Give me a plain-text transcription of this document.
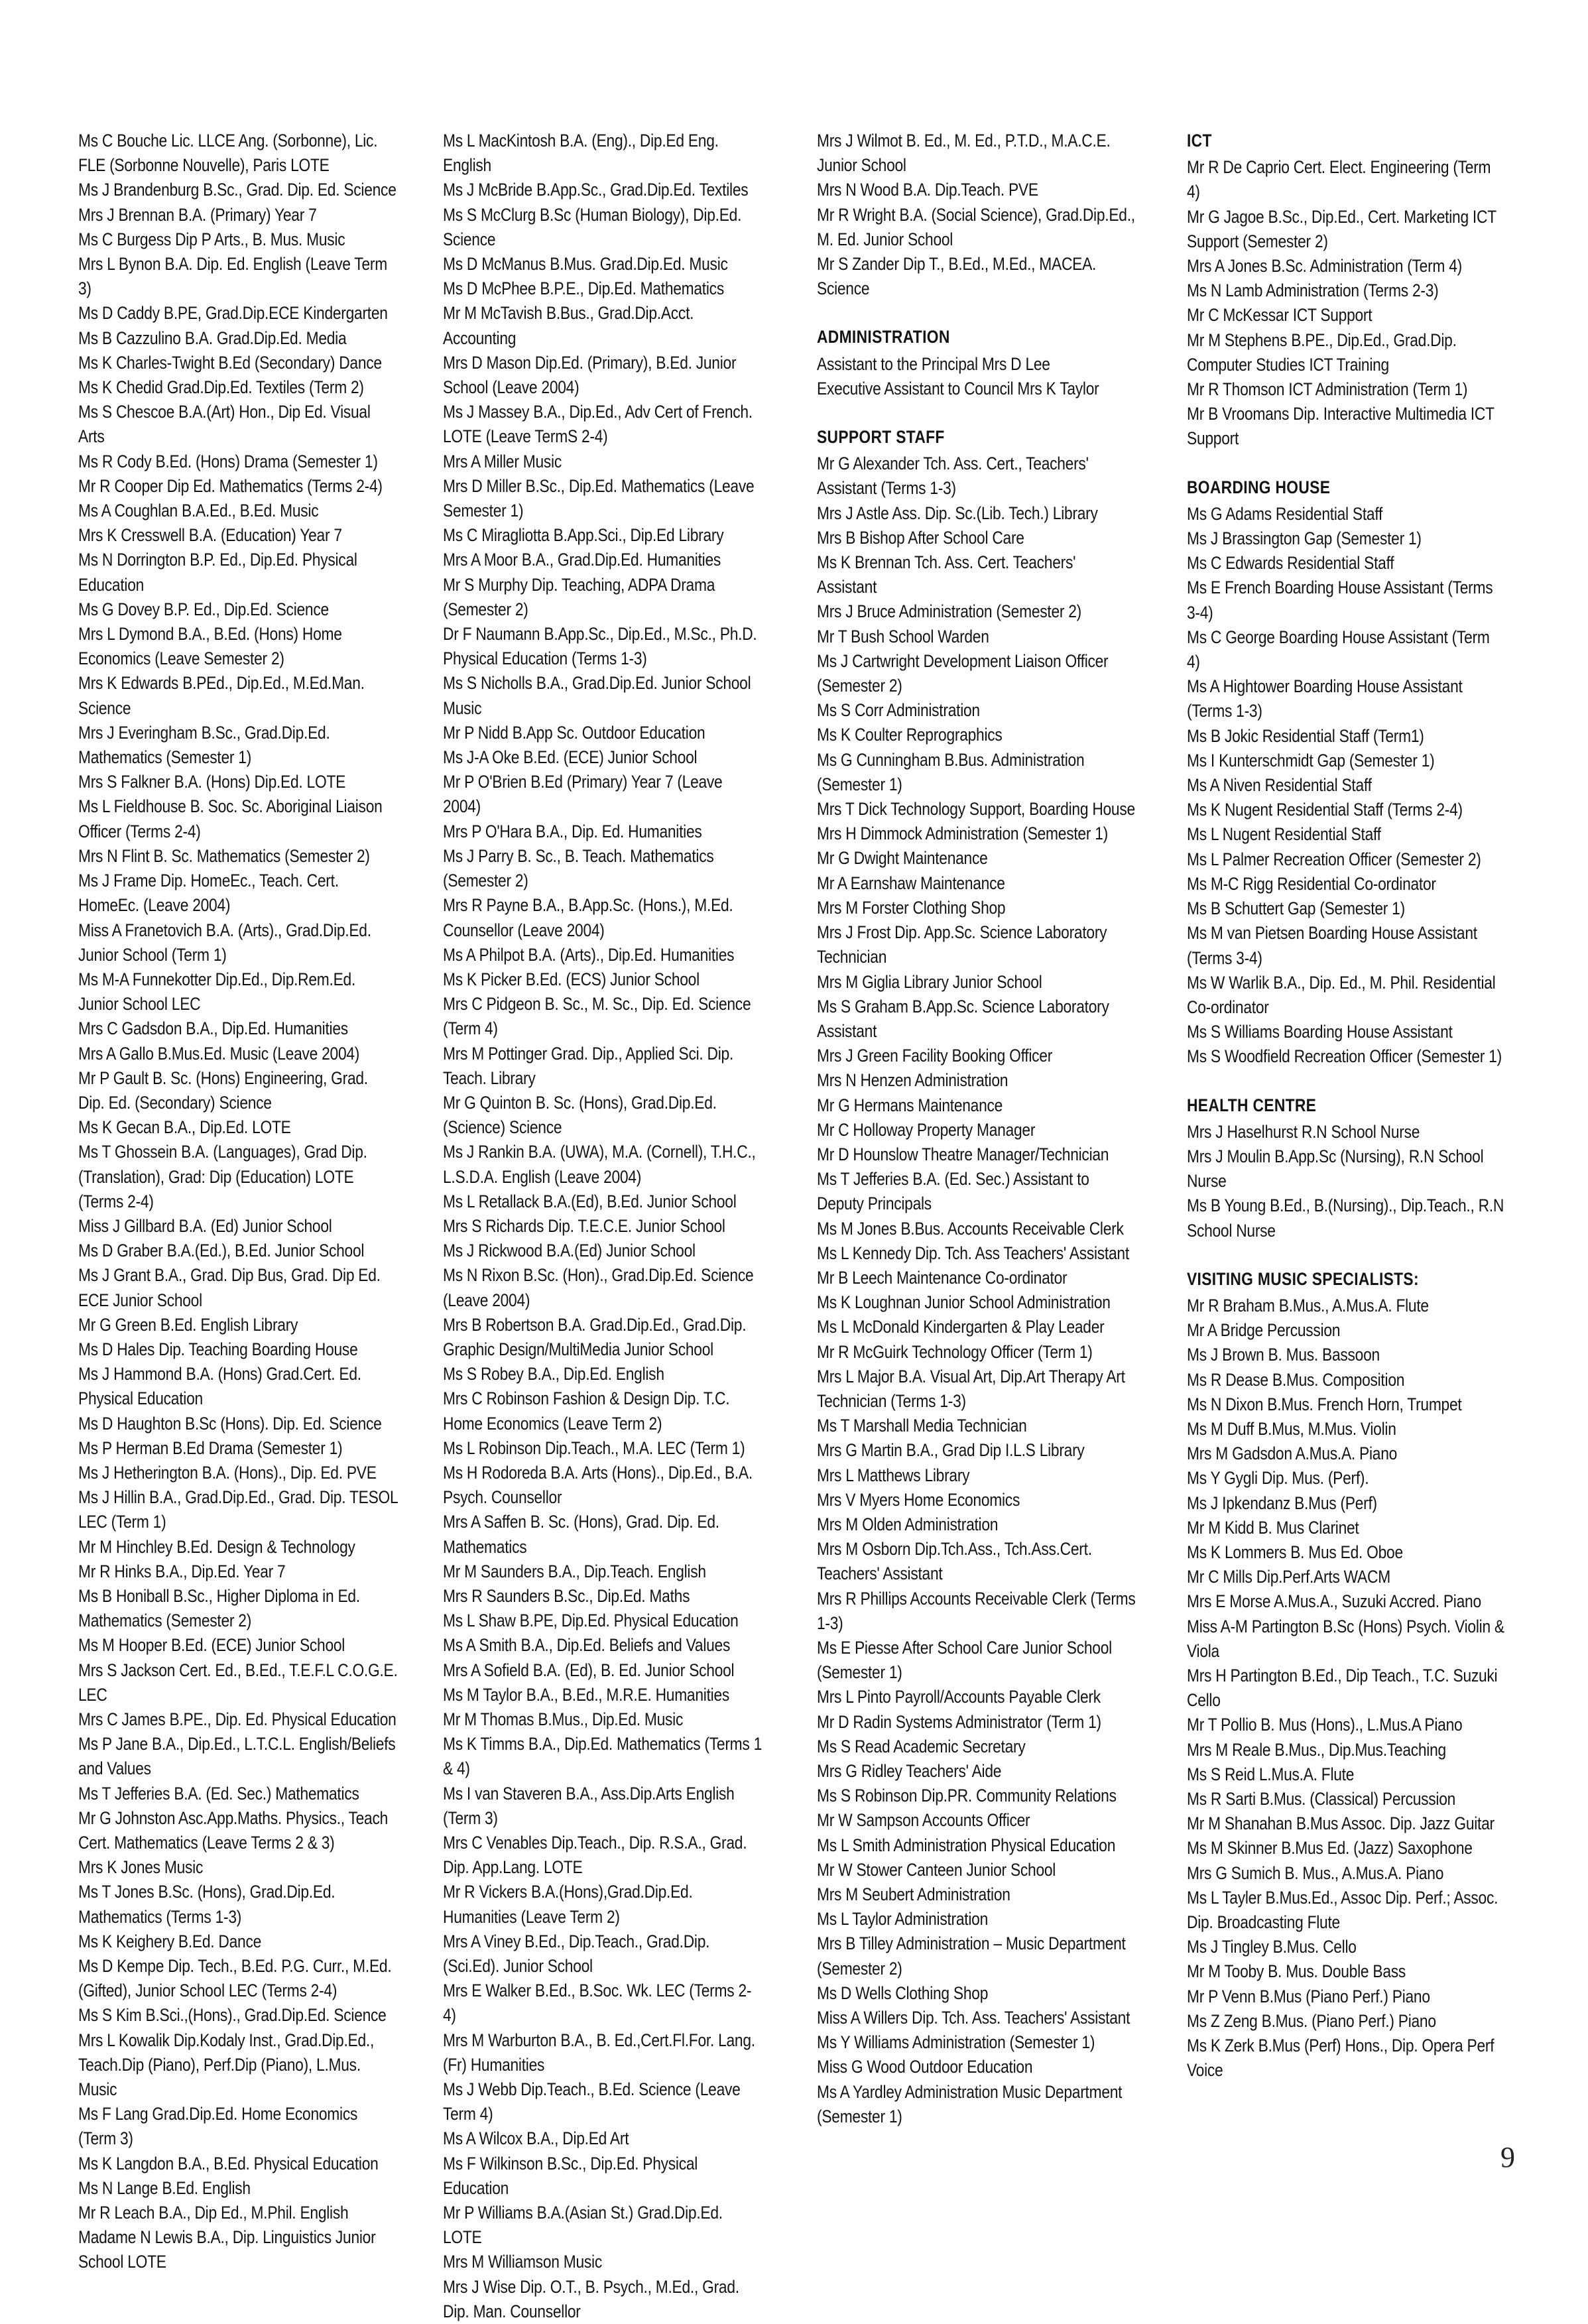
Ms C Bouche Lic. LLCE Ang. (Sorbonne), Lic. FLE (Sorbonne Nouvelle), Paris LOTE

Ms J Brandenburg B.Sc., Grad. Dip. Ed. Science

Mrs J Brennan B.A. (Primary) Year 7

Ms C Burgess Dip P Arts., B. Mus. Music

Mrs L Bynon B.A. Dip. Ed. English (Leave Term 3)

Ms D Caddy B.PE, Grad.Dip.ECE Kindergarten

Ms B Cazzulino B.A. Grad.Dip.Ed. Media

Ms K Charles-Twight B.Ed (Secondary) Dance

Ms K Chedid Grad.Dip.Ed. Textiles (Term 2)

Ms S Chescoe B.A.(Art) Hon., Dip Ed. Visual Arts

Ms R Cody B.Ed. (Hons) Drama (Semester 1)

Mr R Cooper Dip Ed. Mathematics (Terms 2-4)

Ms A Coughlan B.A.Ed., B.Ed. Music

Mrs K Cresswell B.A. (Education) Year 7

Ms N Dorrington B.P. Ed., Dip.Ed. Physical Education

Ms G Dovey B.P. Ed., Dip.Ed. Science

Mrs L Dymond B.A., B.Ed. (Hons) Home Economics (Leave Semester 2)

Mrs K Edwards B.PEd., Dip.Ed., M.Ed.Man. Science

Mrs J Everingham B.Sc., Grad.Dip.Ed. Mathematics (Semester 1)

Mrs S Falkner B.A. (Hons) Dip.Ed. LOTE

Ms L Fieldhouse B. Soc. Sc. Aboriginal Liaison Officer (Terms 2-4)

Mrs N Flint B. Sc. Mathematics (Semester 2)

Ms J Frame Dip. HomeEc., Teach. Cert. HomeEc. (Leave 2004)

Miss A Franetovich B.A. (Arts)., Grad.Dip.Ed. Junior School (Term 1)

Ms M-A Funnekotter Dip.Ed., Dip.Rem.Ed. Junior School LEC

Mrs C Gadsdon B.A., Dip.Ed. Humanities

Mrs A Gallo B.Mus.Ed. Music (Leave 2004)

Mr P Gault B. Sc. (Hons) Engineering, Grad. Dip. Ed. (Secondary) Science

Ms K Gecan B.A., Dip.Ed. LOTE

Ms T Ghossein B.A. (Languages), Grad Dip. (Translation), Grad: Dip (Education) LOTE (Terms 2-4)

Miss J Gillbard B.A. (Ed) Junior School

Ms D Graber B.A.(Ed.), B.Ed. Junior School

Ms J Grant B.A., Grad. Dip Bus, Grad. Dip Ed. ECE Junior School

Mr G Green B.Ed. English Library

Ms D Hales Dip. Teaching Boarding House

Ms J Hammond B.A. (Hons) Grad.Cert. Ed. Physical Education

Ms D Haughton B.Sc (Hons). Dip. Ed. Science

Ms P Herman B.Ed Drama (Semester 1)

Ms J Hetherington B.A. (Hons)., Dip. Ed. PVE

Ms J Hillin B.A., Grad.Dip.Ed., Grad. Dip. TESOL LEC (Term 1)

Mr M Hinchley B.Ed. Design & Technology

Mr R Hinks B.A., Dip.Ed. Year 7

Ms B Honiball B.Sc., Higher Diploma in Ed. Mathematics (Semester 2)

Ms M Hooper B.Ed. (ECE) Junior School

Mrs S Jackson Cert. Ed., B.Ed., T.E.F.L C.O.G.E. LEC

Mrs C James B.PE., Dip. Ed. Physical Education

Ms P Jane B.A., Dip.Ed., L.T.C.L. English/Beliefs and Values

Ms T Jefferies B.A. (Ed. Sec.) Mathematics

Mr G Johnston Asc.App.Maths. Physics., Teach Cert. Mathematics (Leave Terms 2 & 3)

Mrs K Jones Music

Ms T Jones B.Sc. (Hons), Grad.Dip.Ed. Mathematics (Terms 1-3)

Ms K Keighery B.Ed. Dance

Ms D Kempe Dip. Tech., B.Ed. P.G. Curr., M.Ed. (Gifted), Junior School LEC (Terms 2-4)

Ms S Kim B.Sci.,(Hons)., Grad.Dip.Ed. Science

Mrs L Kowalik Dip.Kodaly Inst., Grad.Dip.Ed., Teach.Dip (Piano), Perf.Dip (Piano), L.Mus. Music

Ms F Lang Grad.Dip.Ed. Home Economics (Term 3)

Ms K Langdon B.A., B.Ed. Physical Education

Ms N Lange B.Ed. English

Mr R Leach B.A., Dip Ed., M.Phil. English

Madame N Lewis B.A., Dip. Linguistics Junior School LOTE

Ms L MacKintosh B.A. (Eng)., Dip.Ed Eng. English

Ms J McBride B.App.Sc., Grad.Dip.Ed. Textiles

Ms S McClurg B.Sc (Human Biology), Dip.Ed. Science

Ms D McManus B.Mus. Grad.Dip.Ed. Music

Ms D McPhee B.P.E., Dip.Ed. Mathematics

Mr M McTavish B.Bus., Grad.Dip.Acct. Accounting

Mrs D Mason Dip.Ed. (Primary), B.Ed. Junior School (Leave 2004)

Ms J Massey B.A., Dip.Ed., Adv Cert of French. LOTE (Leave TermS 2-4)

Mrs A Miller Music

Mrs D Miller B.Sc., Dip.Ed. Mathematics (Leave Semester 1)

Ms C Miragliotta B.App.Sci., Dip.Ed Library

Mrs A Moor B.A., Grad.Dip.Ed. Humanities

Mr S Murphy Dip. Teaching, ADPA Drama (Semester 2)

Dr F Naumann B.App.Sc., Dip.Ed., M.Sc., Ph.D. Physical Education (Terms 1-3)

Ms S Nicholls B.A., Grad.Dip.Ed. Junior School Music

Mr P Nidd B.App Sc. Outdoor Education

Ms J-A Oke B.Ed. (ECE) Junior School

Mr P O'Brien B.Ed (Primary) Year 7 (Leave 2004)

Mrs P O'Hara B.A., Dip. Ed. Humanities

Ms J Parry B. Sc., B. Teach. Mathematics (Semester 2)

Mrs R Payne B.A., B.App.Sc. (Hons.), M.Ed. Counsellor (Leave 2004)

Ms A Philpot B.A. (Arts)., Dip.Ed. Humanities

Ms K Picker B.Ed. (ECS) Junior School

Mrs C Pidgeon B. Sc., M. Sc., Dip. Ed. Science (Term 4)

Mrs M Pottinger Grad. Dip., Applied Sci. Dip. Teach. Library

Mr G Quinton B. Sc. (Hons), Grad.Dip.Ed. (Science) Science

Ms J Rankin B.A. (UWA), M.A. (Cornell), T.H.C., L.S.D.A. English (Leave 2004)

Ms L Retallack B.A.(Ed), B.Ed. Junior School

Mrs S Richards Dip. T.E.C.E. Junior School

Ms J Rickwood B.A.(Ed) Junior School

Ms N Rixon B.Sc. (Hon)., Grad.Dip.Ed. Science (Leave 2004)

Mrs B Robertson B.A. Grad.Dip.Ed., Grad.Dip. Graphic Design/MultiMedia Junior School

Ms S Robey B.A., Dip.Ed. English

Mrs C Robinson Fashion & Design Dip. T.C. Home Economics (Leave Term 2)

Ms L Robinson Dip.Teach., M.A. LEC (Term 1)

Ms H Rodoreda B.A. Arts (Hons)., Dip.Ed., B.A. Psych. Counsellor

Mrs A Saffen B. Sc. (Hons), Grad. Dip. Ed. Mathematics

Mr M Saunders B.A., Dip.Teach. English

Mrs R Saunders B.Sc., Dip.Ed. Maths

Ms L Shaw B.PE, Dip.Ed. Physical Education

Ms A Smith B.A., Dip.Ed. Beliefs and Values

Mrs A Sofield B.A. (Ed), B. Ed. Junior School

Ms M Taylor B.A., B.Ed., M.R.E. Humanities

Mr M Thomas B.Mus., Dip.Ed. Music

Ms K Timms B.A., Dip.Ed. Mathematics (Terms 1 & 4)

Ms I van Staveren B.A., Ass.Dip.Arts English (Term 3)

Mrs C Venables Dip.Teach., Dip. R.S.A., Grad. Dip. App.Lang. LOTE

Mr R Vickers B.A.(Hons),Grad.Dip.Ed. Humanities (Leave Term 2)

Mrs A Viney B.Ed., Dip.Teach., Grad.Dip. (Sci.Ed). Junior School

Mrs E Walker B.Ed., B.Soc. Wk. LEC (Terms 2-4)

Mrs M Warburton B.A., B. Ed.,Cert.Fl.For. Lang.(Fr) Humanities

Ms J Webb Dip.Teach., B.Ed. Science (Leave Term 4)

Ms A Wilcox B.A., Dip.Ed Art

Ms F Wilkinson B.Sc., Dip.Ed. Physical Education

Mr P Williams B.A.(Asian St.) Grad.Dip.Ed. LOTE

Mrs M Williamson Music

Mrs J Wise Dip. O.T., B. Psych., M.Ed., Grad. Dip. Man. Counsellor

Mrs J Wilmot B. Ed., M. Ed., P.T.D., M.A.C.E. Junior School

Mrs N Wood B.A. Dip.Teach. PVE

Mr R Wright B.A. (Social Science), Grad.Dip.Ed., M. Ed. Junior School

Mr S Zander Dip T., B.Ed., M.Ed., MACEA. Science

ADMINISTRATION

Assistant to the Principal Mrs D Lee

Executive Assistant to Council Mrs K Taylor

SUPPORT STAFF

Mr G Alexander Tch. Ass. Cert., Teachers' Assistant (Terms 1-3)

Mrs J Astle Ass. Dip. Sc.(Lib. Tech.) Library

Mrs B Bishop After School Care

Ms K Brennan Tch. Ass. Cert. Teachers' Assistant

Mrs J Bruce Administration (Semester 2)

Mr T Bush School Warden

Ms J Cartwright Development Liaison Officer (Semester 2)

Ms S Corr Administration

Ms K Coulter Reprographics

Ms G Cunningham B.Bus. Administration (Semester 1)

Mrs T Dick Technology Support, Boarding House

Mrs H Dimmock Administration (Semester 1)

Mr G Dwight Maintenance

Mr A Earnshaw Maintenance

Mrs M Forster Clothing Shop

Mrs J Frost Dip. App.Sc. Science Laboratory Technician

Mrs M Giglia Library Junior School

Ms S Graham B.App.Sc. Science Laboratory Assistant

Mrs J Green Facility Booking Officer

Mrs N Henzen Administration

Mr G Hermans Maintenance

Mr C Holloway Property Manager

Mr D Hounslow Theatre Manager/Technician

Ms T Jefferies B.A. (Ed. Sec.) Assistant to Deputy Principals

Ms M Jones B.Bus. Accounts Receivable Clerk

Ms L Kennedy Dip. Tch. Ass Teachers' Assistant

Mr B Leech Maintenance Co-ordinator

Ms K Loughnan Junior School Administration

Ms L McDonald Kindergarten & Play Leader

Mr R McGuirk Technology Officer (Term 1)

Mrs L Major B.A. Visual Art, Dip.Art Therapy Art Technician (Terms 1-3)

Ms T Marshall Media Technician

Mrs G Martin B.A., Grad Dip I.L.S Library

Mrs L Matthews Library

Mrs V Myers Home Economics

Mrs M Olden Administration

Mrs M Osborn Dip.Tch.Ass., Tch.Ass.Cert. Teachers' Assistant

Mrs R Phillips Accounts Receivable Clerk (Terms 1-3)

Ms E Piesse After School Care Junior School (Semester 1)

Mrs L Pinto Payroll/Accounts Payable Clerk

Mr D Radin Systems Administrator (Term 1)

Ms S Read Academic Secretary

Mrs G Ridley Teachers' Aide

Ms S Robinson Dip.PR. Community Relations

Mr W Sampson Accounts Officer

Ms L Smith Administration Physical Education

Mr W Stower Canteen Junior School

Mrs M Seubert Administration

Ms L Taylor Administration

Mrs B Tilley Administration – Music Department (Semester 2)

Ms D Wells Clothing Shop

Miss A Willers Dip. Tch. Ass. Teachers' Assistant

Ms Y Williams Administration (Semester 1)

Miss G Wood Outdoor Education

Ms A Yardley Administration Music Department (Semester 1)

ICT

Mr R De Caprio Cert. Elect. Engineering (Term 4)

Mr G Jagoe B.Sc., Dip.Ed., Cert. Marketing ICT Support (Semester 2)

Mrs A Jones B.Sc. Administration (Term 4)

Ms N Lamb Administration (Terms 2-3)

Mr C McKessar ICT Support

Mr M Stephens B.PE., Dip.Ed., Grad.Dip. Computer Studies ICT Training

Mr R Thomson ICT Administration (Term 1)

Mr B Vroomans Dip. Interactive Multimedia ICT Support

BOARDING HOUSE

Ms G Adams Residential Staff

Ms J Brassington Gap (Semester 1)

Ms C Edwards Residential Staff

Ms E French Boarding House Assistant (Terms 3-4)

Ms C George Boarding House Assistant (Term 4)

Ms A Hightower Boarding House Assistant (Terms 1-3)

Ms B Jokic Residential Staff (Term1)

Ms I Kunterschmidt Gap (Semester 1)

Ms A Niven Residential Staff

Ms K Nugent Residential Staff (Terms 2-4)

Ms L Nugent Residential Staff

Ms L Palmer Recreation Officer (Semester 2)

Ms M-C Rigg Residential Co-ordinator

Ms B Schuttert Gap (Semester 1)

Ms M van Pietsen Boarding House Assistant (Terms 3-4)

Ms W Warlik B.A., Dip. Ed., M. Phil. Residential Co-ordinator

Ms S Williams Boarding House Assistant

Ms S Woodfield Recreation Officer (Semester 1)

HEALTH CENTRE

Mrs J Haselhurst R.N School Nurse

Mrs J Moulin B.App.Sc (Nursing), R.N School Nurse

Ms B Young B.Ed., B.(Nursing)., Dip.Teach., R.N School Nurse

VISITING MUSIC SPECIALISTS:

Mr R Braham B.Mus., A.Mus.A. Flute

Mr A Bridge Percussion

Ms J Brown B. Mus. Bassoon

Ms R Dease B.Mus. Composition

Ms N Dixon B.Mus. French Horn, Trumpet

Ms M Duff B.Mus, M.Mus. Violin

Mrs M Gadsdon A.Mus.A. Piano

Ms Y Gygli Dip. Mus. (Perf).

Ms J Ipkendanz B.Mus (Perf)

Mr M Kidd B. Mus Clarinet

Ms K Lommers B. Mus Ed. Oboe

Mr C Mills Dip.Perf.Arts WACM

Mrs E Morse A.Mus.A., Suzuki Accred. Piano

Miss A-M Partington B.Sc (Hons) Psych. Violin & Viola

Mrs H Partington B.Ed., Dip Teach., T.C. Suzuki Cello

Mr T Pollio B. Mus (Hons)., L.Mus.A Piano

Mrs M Reale B.Mus., Dip.Mus.Teaching

Ms S Reid L.Mus.A. Flute

Ms R Sarti B.Mus. (Classical) Percussion

Mr M Shanahan B.Mus Assoc. Dip. Jazz Guitar

Ms M Skinner B.Mus Ed. (Jazz) Saxophone

Mrs G Sumich B. Mus., A.Mus.A. Piano

Ms L Tayler B.Mus.Ed., Assoc Dip. Perf.; Assoc. Dip. Broadcasting Flute

Ms J Tingley B.Mus. Cello

Mr M Tooby B. Mus. Double Bass

Mr P Venn B.Mus (Piano Perf.) Piano

Ms Z Zeng B.Mus. (Piano Perf.) Piano

Ms K Zerk B.Mus (Perf) Hons., Dip. Opera Perf Voice

9
